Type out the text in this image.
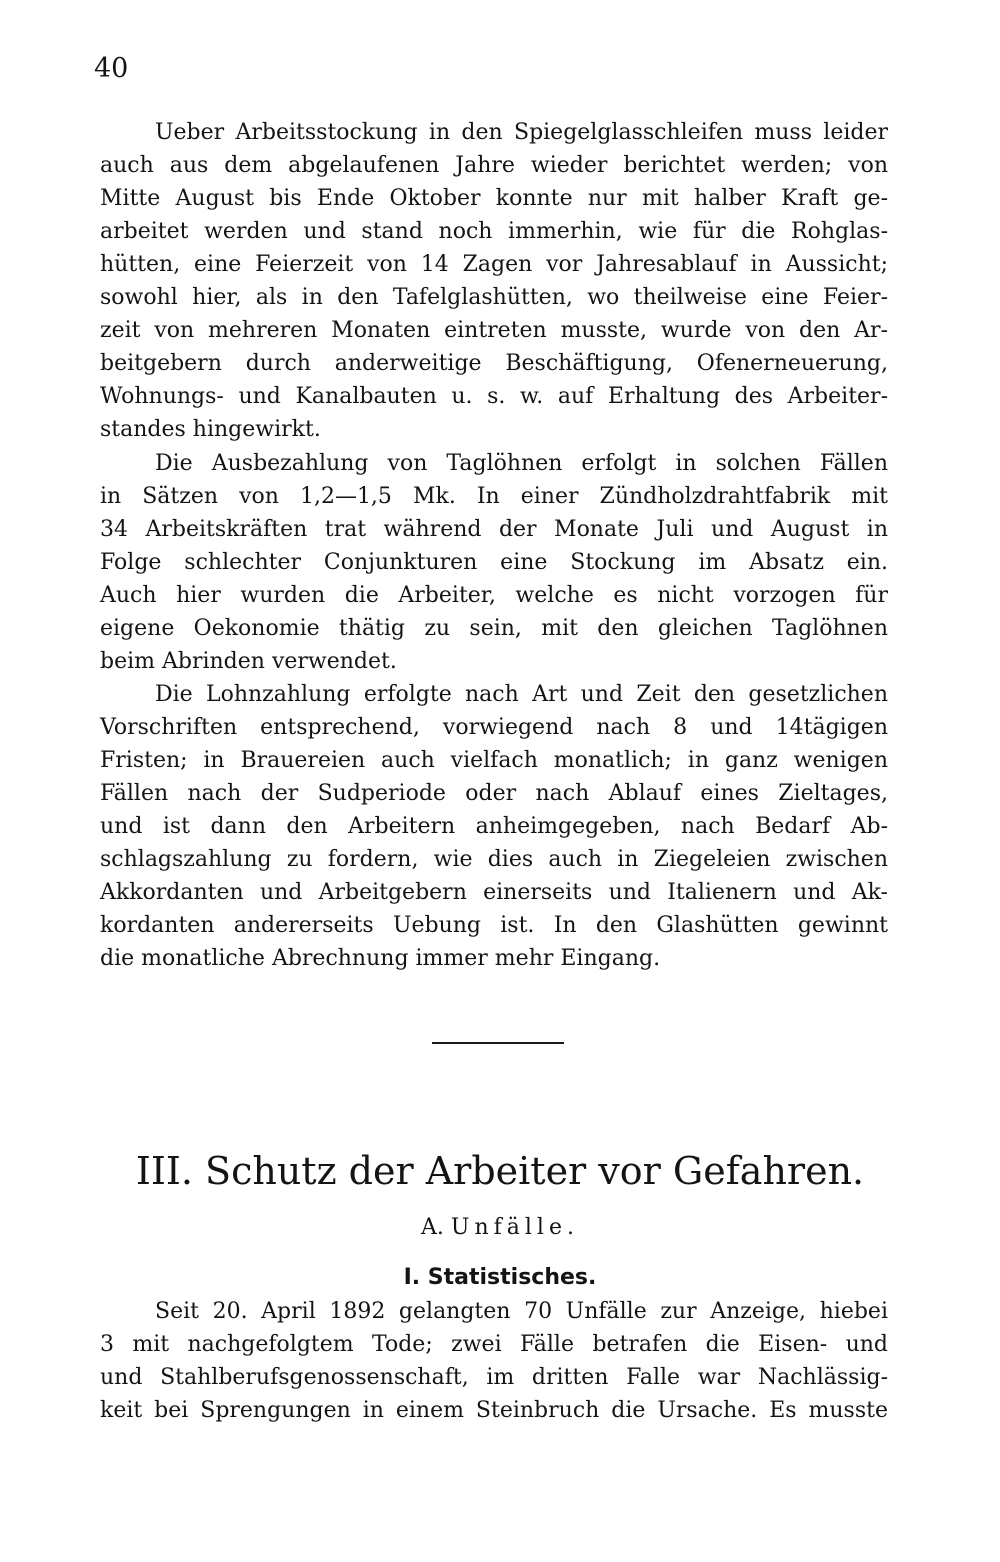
40
Ueber Arbeitsstockung in den Spiegelglasschleifen muss leider
auch aus dem abgelaufenen Jahre wieder berichtet werden; von
Mitte August bis Ende Oktober konnte nur mit halber Kraft ge-
arbeitet werden und stand noch immerhin, wie für die Rohglas-
hütten, eine Feierzeit von 14 Zagen vor Jahresablauf in Aussicht;
sowohl hier, als in den Tafelglashütten, wo theilweise eine Feier-
zeit von mehreren Monaten eintreten musste, wurde von den Ar-
beitgebern durch anderweitige Beschäftigung, Ofenerneuerung,
Wohnungs- und Kanalbauten u. s. w. auf Erhaltung des Arbeiter-
standes hingewirkt.
Die Ausbezahlung von Taglöhnen erfolgt in solchen Fällen
in Sätzen von 1,2—1,5 Mk. In einer Zündholzdrahtfabrik mit
34 Arbeitskräften trat während der Monate Juli und August in
Folge schlechter Conjunkturen eine Stockung im Absatz ein.
Auch hier wurden die Arbeiter, welche es nicht vorzogen für
eigene Oekonomie thätig zu sein, mit den gleichen Taglöhnen
beim Abrinden verwendet.
Die Lohnzahlung erfolgte nach Art und Zeit den gesetzlichen
Vorschriften entsprechend, vorwiegend nach 8 und 14tägigen
Fristen; in Brauereien auch vielfach monatlich; in ganz wenigen
Fällen nach der Sudperiode oder nach Ablauf eines Zieltages,
und ist dann den Arbeitern anheimgegeben, nach Bedarf Ab-
schlagszahlung zu fordern, wie dies auch in Ziegeleien zwischen
Akkordanten und Arbeitgebern einerseits und Italienern und Ak-
kordanten andererseits Uebung ist. In den Glashütten gewinnt
die monatliche Abrechnung immer mehr Eingang.
III. Schutz der Arbeiter vor Gefahren.
A. Unfälle.
I. Statistisches.
Seit 20. April 1892 gelangten 70 Unfälle zur Anzeige, hiebei
3 mit nachgefolgtem Tode; zwei Fälle betrafen die Eisen- und
und Stahlberufsgenossenschaft, im dritten Falle war Nachlässig-
keit bei Sprengungen in einem Steinbruch die Ursache. Es musste
